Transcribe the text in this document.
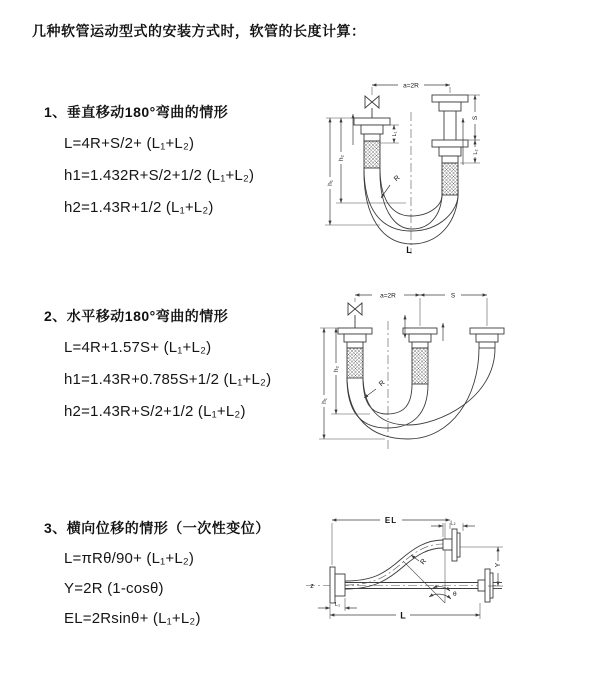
几种软管运动型式的安装方式时，软管的长度计算：
1、垂直移动180°弯曲的情形
L=4R+S/2+ (L₁+L₂)
h1=1.432R+S/2+1/2 (L₁+L₂)
h2=1.43R+1/2 (L₁+L₂)
2、水平移动180°弯曲的情形
L=4R+1.57S+ (L₁+L₂)
h1=1.43R+0.785S+1/2 (L₁+L₂)
h2=1.43R+S/2+1/2 (L₁+L₂)
3、横向位移的情形（一次性变位）
L=πRθ/90+ (L₁+L₂)
Y=2R (1-cosθ)
EL=2Rsinθ+ (L₁+L₂)
a=2R
S
L₂
L₁
h₂
h₁	R
L
a=2R	S
h₂
h₁
R
z
θ
EL	L₂
Y
R
L₁
L
